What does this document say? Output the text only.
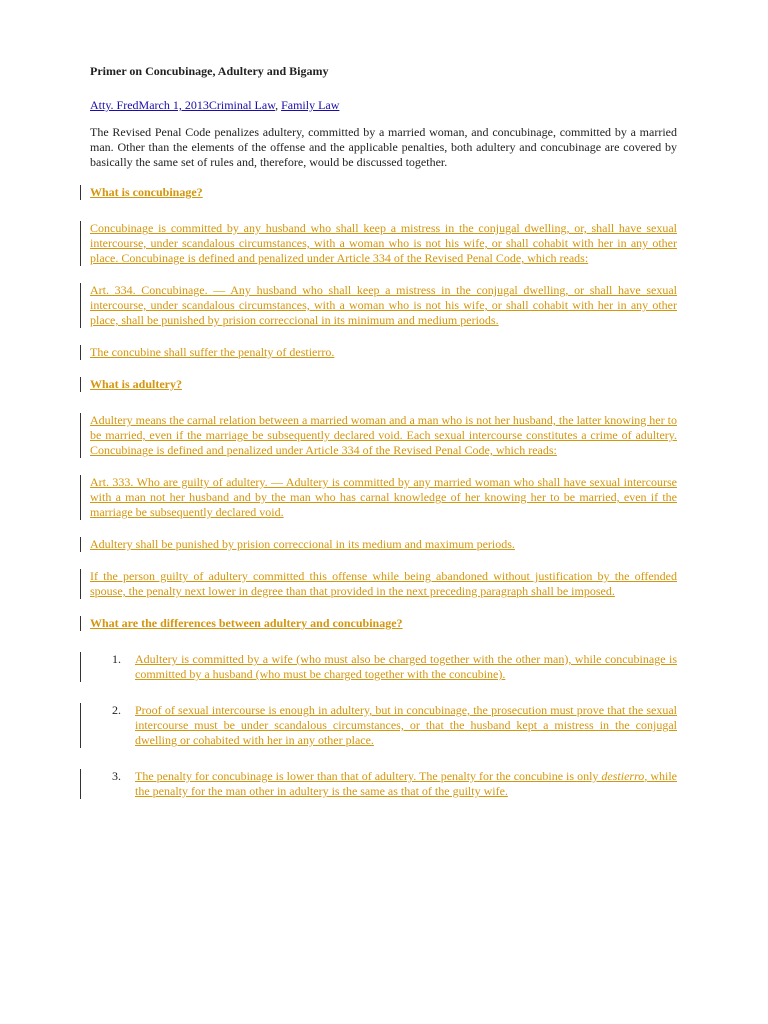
Primer on Concubinage, Adultery and Bigamy

Atty. FredMarch 1, 2013Criminal Law, Family Law

The Revised Penal Code penalizes adultery, committed by a married woman, and concubinage, committed by a married man. Other than the elements of the offense and the applicable penalties, both adultery and concubinage are covered by basically the same set of rules and, therefore, would be discussed together.

What is concubinage?
Concubinage is committed by any husband who shall keep a mistress in the conjugal dwelling, or, shall have sexual intercourse, under scandalous circumstances, with a woman who is not his wife, or shall cohabit with her in any other place. Concubinage is defined and penalized under Article 334 of the Revised Penal Code, which reads:
Art. 334. Concubinage. — Any husband who shall keep a mistress in the conjugal dwelling, or shall have sexual intercourse, under scandalous circumstances, with a woman who is not his wife, or shall cohabit with her in any other place, shall be punished by prision correccional in its minimum and medium periods.
The concubine shall suffer the penalty of destierro.
What is adultery?
Adultery means the carnal relation between a married woman and a man who is not her husband, the latter knowing her to be married, even if the marriage be subsequently declared void. Each sexual intercourse constitutes a crime of adultery. Concubinage is defined and penalized under Article 334 of the Revised Penal Code, which reads:
Art. 333. Who are guilty of adultery. — Adultery is committed by any married woman who shall have sexual intercourse with a man not her husband and by the man who has carnal knowledge of her knowing her to be married, even if the marriage be subsequently declared void.
Adultery shall be punished by prision correccional in its medium and maximum periods.
If the person guilty of adultery committed this offense while being abandoned without justification by the offended spouse, the penalty next lower in degree than that provided in the next preceding paragraph shall be imposed.
What are the differences between adultery and concubinage?
1. Adultery is committed by a wife (who must also be charged together with the other man), while concubinage is committed by a husband (who must be charged together with the concubine).
2. Proof of sexual intercourse is enough in adultery, but in concubinage, the prosecution must prove that the sexual intercourse must be under scandalous circumstances, or that the husband kept a mistress in the conjugal dwelling or cohabited with her in any other place.
3. The penalty for concubinage is lower than that of adultery. The penalty for the concubine is only destierro, while the penalty for the man other in adultery is the same as that of the guilty wife.
